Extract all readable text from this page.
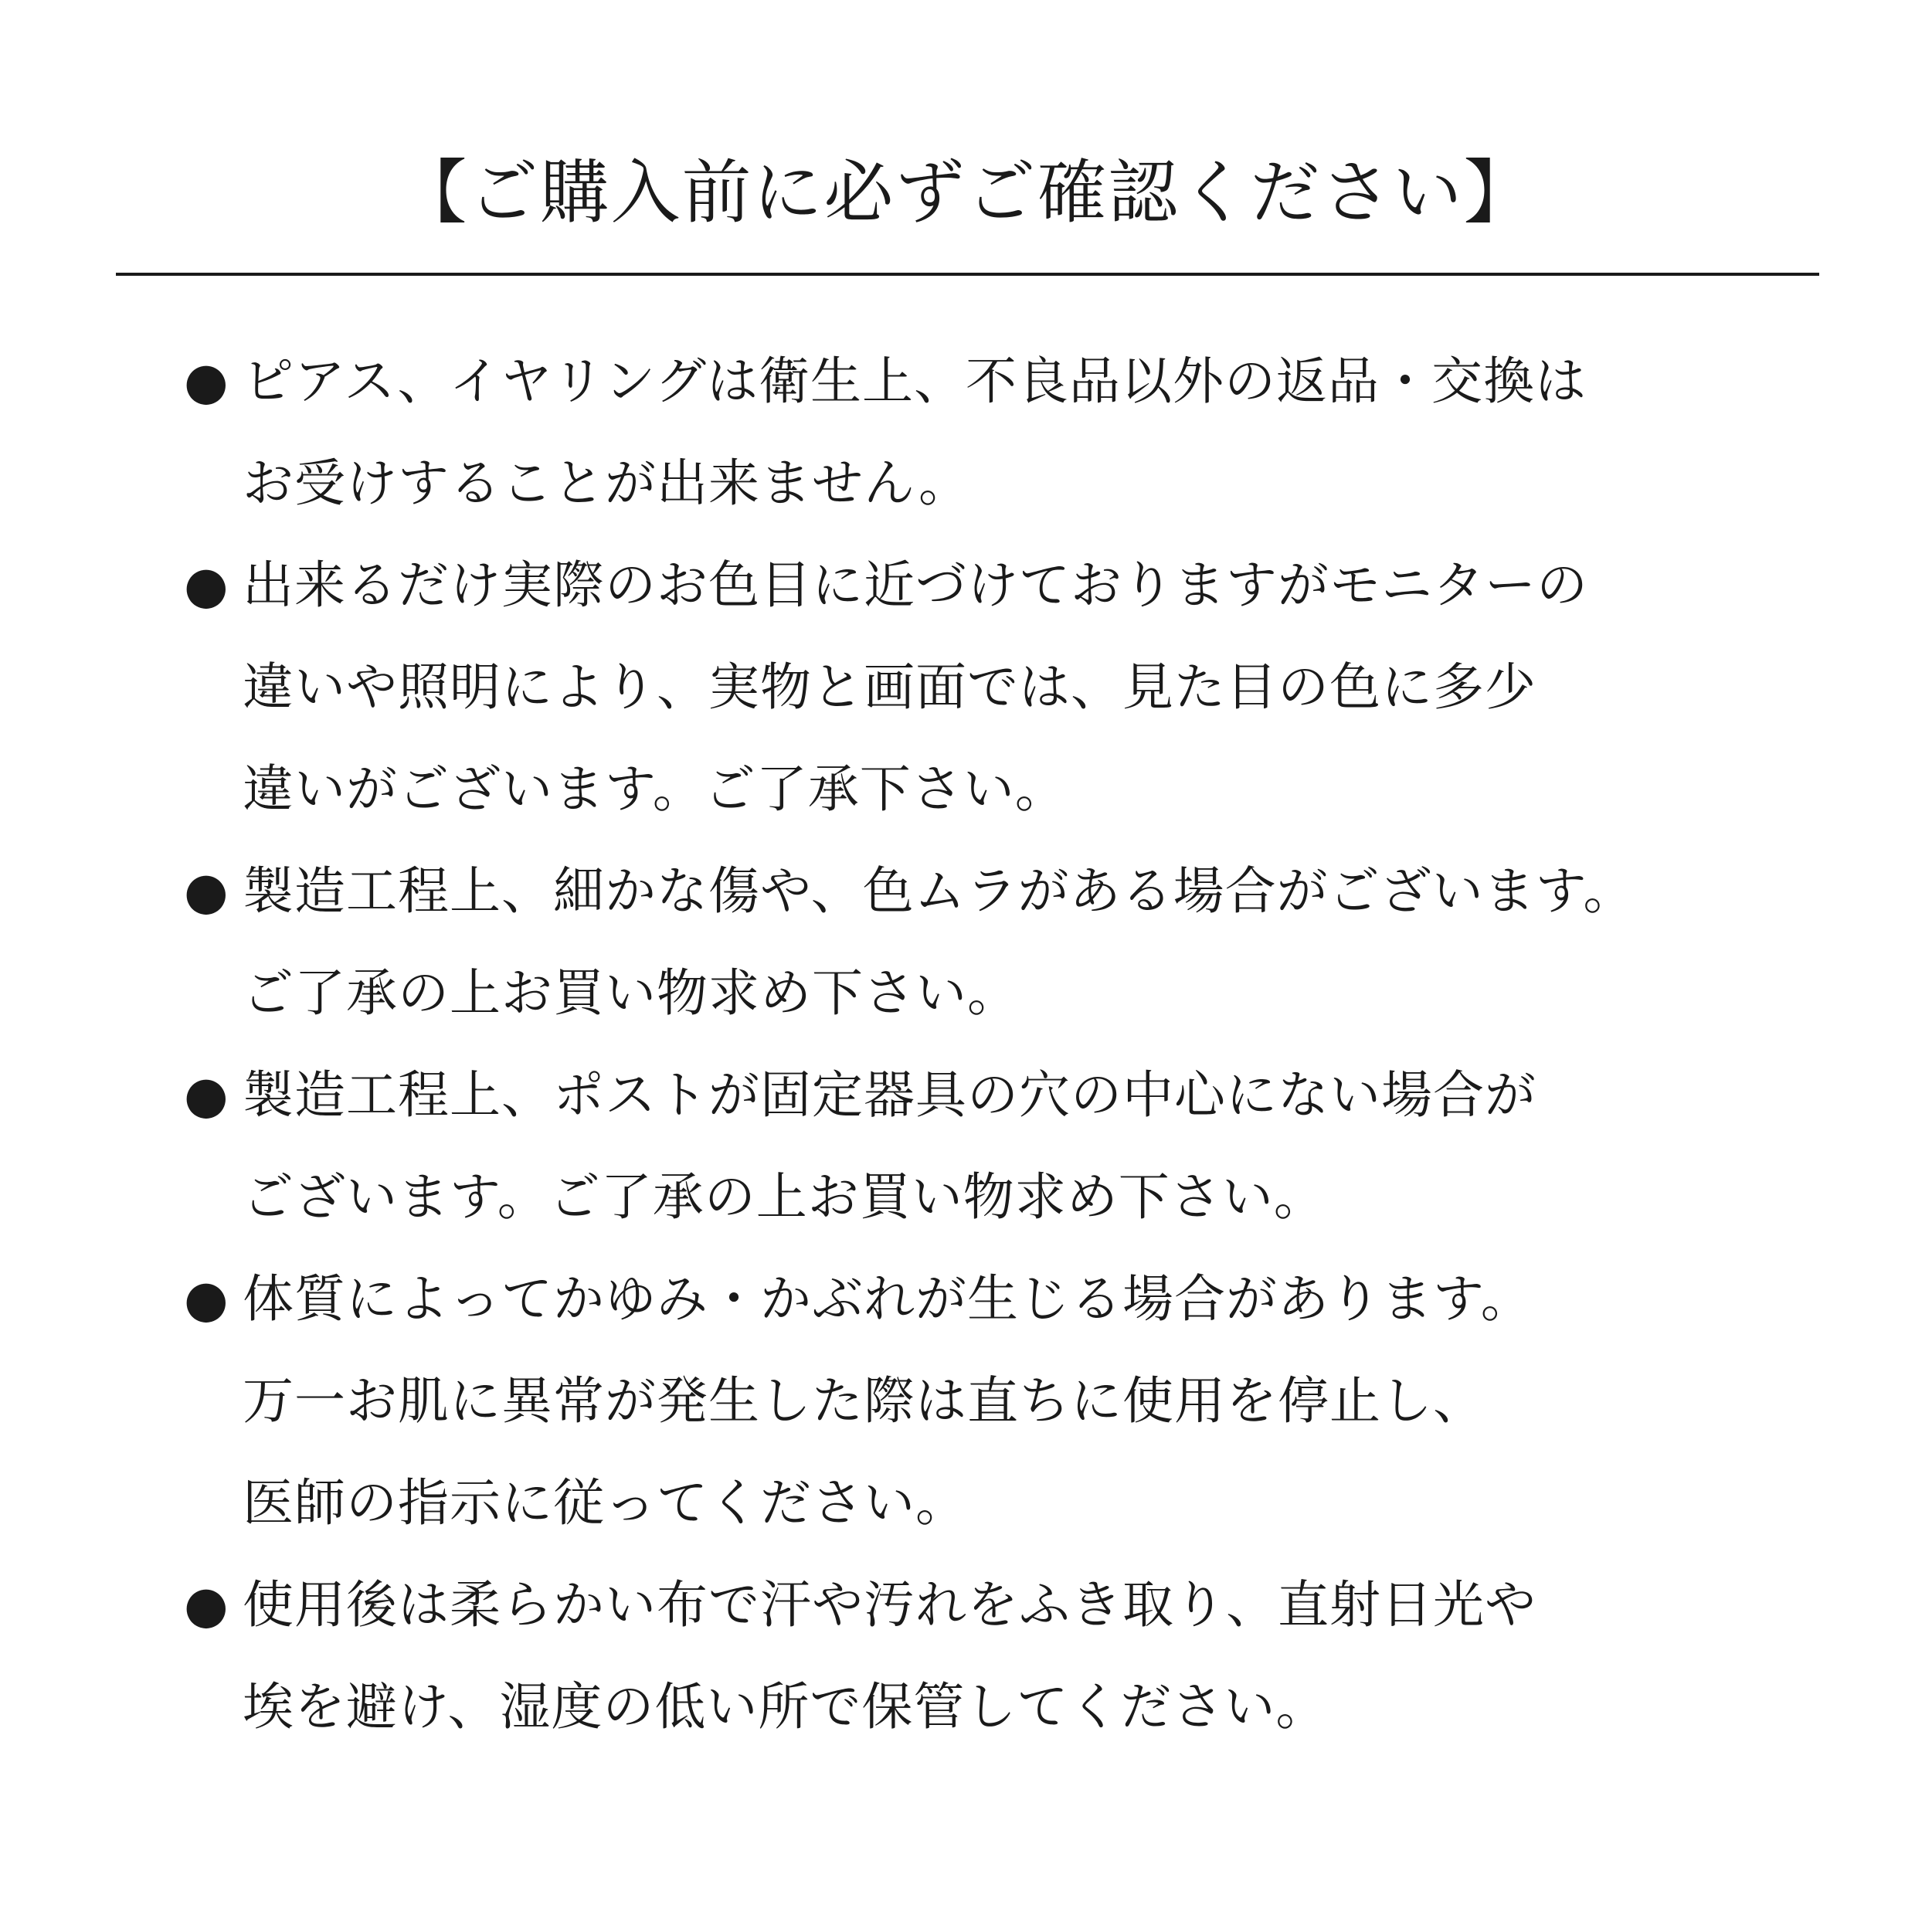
【ご購入前に必ずご確認ください】
● ピアス、イヤリングは衛生上、不良品以外の返品・交換は
お受けすることが出来ません。
● 出来るだけ実際のお色目に近づけておりますがモニターの
違いや照明により、実物と画面では、見た目の色に多少
違いがございます。ご了承下さい。
● 製造工程上、細かな傷や、色ムラがある場合がございます。
ご了承の上お買い物求め下さい。
● 製造工程上、ポストが固定器具の穴の中心にない場合が
ございます。ご了承の上お買い物求め下さい。
● 体質によってかゆみ・かぶれが生じる場合があります。
万一お肌に異常が発生した際は直ちに使用を停止し、
医師の指示に従ってください。
● 使用後は柔らかい布で汗や汚れをふき取り、直射日光や
埃を避け、湿度の低い所で保管してください。
